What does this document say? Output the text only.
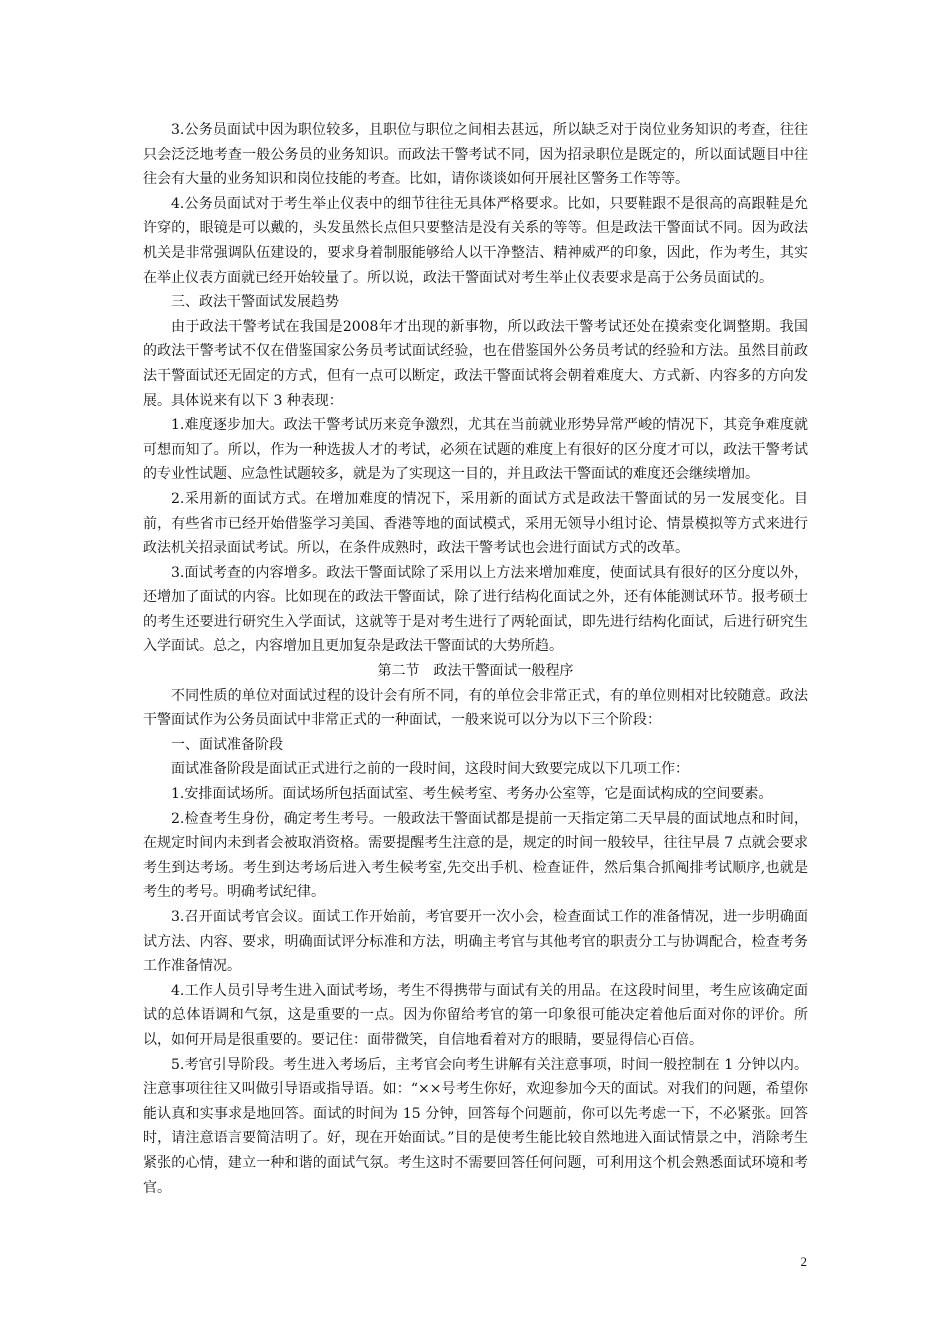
3.公务员面试中因为职位较多，且职位与职位之间相去甚远，所以缺乏对于岗位业务知识的考查，往往只会泛泛地考查一般公务员的业务知识。而政法干警考试不同，因为招录职位是既定的，所以面试题目中往往会有大量的业务知识和岗位技能的考查。比如，请你谈谈如何开展社区警务工作等等。

4.公务员面试对于考生举止仪表中的细节往往无具体严格要求。比如，只要鞋跟不是很高的高跟鞋是允许穿的，眼镜是可以戴的，头发虽然长点但只要整洁是没有关系的等等。但是政法干警面试不同。因为政法机关是非常强调队伍建设的，要求身着制服能够给人以干净整洁、精神威严的印象，因此，作为考生，其实在举止仪表方面就已经开始较量了。所以说，政法干警面试对考生举止仪表要求是高于公务员面试的。

三、政法干警面试发展趋势

由于政法干警考试在我国是2008年才出现的新事物，所以政法干警考试还处在摸索变化调整期。我国的政法干警考试不仅在借鉴国家公务员考试面试经验，也在借鉴国外公务员考试的经验和方法。虽然目前政法干警面试还无固定的方式，但有一点可以断定，政法干警面试将会朝着难度大、方式新、内容多的方向发展。具体说来有以下 3 种表现：

1.难度逐步加大。政法干警考试历来竞争激烈，尤其在当前就业形势异常严峻的情况下，其竞争难度就可想而知了。所以，作为一种选拔人才的考试，必须在试题的难度上有很好的区分度才可以，政法干警考试的专业性试题、应急性试题较多，就是为了实现这一目的，并且政法干警面试的难度还会继续增加。

2.采用新的面试方式。在增加难度的情况下，采用新的面试方式是政法干警面试的另一发展变化。目前，有些省市已经开始借鉴学习美国、香港等地的面试模式，采用无领导小组讨论、情景模拟等方式来进行政法机关招录面试考试。所以，在条件成熟时，政法干警考试也会进行面试方式的改革。

3.面试考查的内容增多。政法干警面试除了采用以上方法来增加难度，使面试具有很好的区分度以外，还增加了面试的内容。比如现在的政法干警面试，除了进行结构化面试之外，还有体能测试环节。报考硕士的考生还要进行研究生入学面试，这就等于是对考生进行了两轮面试，即先进行结构化面试，后进行研究生入学面试。总之，内容增加且更加复杂是政法干警面试的大势所趋。

第二节　政法干警面试一般程序

不同性质的单位对面试过程的设计会有所不同，有的单位会非常正式，有的单位则相对比较随意。政法干警面试作为公务员面试中非常正式的一种面试，一般来说可以分为以下三个阶段：

一、面试准备阶段

面试准备阶段是面试正式进行之前的一段时间，这段时间大致要完成以下几项工作：

1.安排面试场所。面试场所包括面试室、考生候考室、考务办公室等，它是面试构成的空间要素。

2.检查考生身份，确定考生考号。一般政法干警面试都是提前一天指定第二天早晨的面试地点和时间，在规定时间内未到者会被取消资格。需要提醒考生注意的是，规定的时间一般较早，往往早晨 7 点就会要求考生到达考场。考生到达考场后进入考生候考室,先交出手机、检查证件，然后集合抓阄排考试顺序,也就是考生的考号。明确考试纪律。

3.召开面试考官会议。面试工作开始前，考官要开一次小会，检查面试工作的准备情况，进一步明确面试方法、内容、要求，明确面试评分标准和方法，明确主考官与其他考官的职责分工与协调配合，检查考务工作准备情况。

4.工作人员引导考生进入面试考场，考生不得携带与面试有关的用品。在这段时间里，考生应该确定面试的总体语调和气氛，这是重要的一点。因为你留给考官的第一印象很可能决定着他后面对你的评价。所以，如何开局是很重要的。要记住：面带微笑，自信地看着对方的眼睛，要显得信心百倍。

5.考官引导阶段。考生进入考场后，主考官会向考生讲解有关注意事项，时间一般控制在 1 分钟以内。注意事项往往又叫做引导语或指导语。如：“××号考生你好，欢迎参加今天的面试。对我们的问题，希望你能认真和实事求是地回答。面试的时间为 15 分钟，回答每个问题前，你可以先考虑一下，不必紧张。回答时，请注意语言要简洁明了。好，现在开始面试。”目的是使考生能比较自然地进入面试情景之中，消除考生紧张的心情，建立一种和谐的面试气氛。考生这时不需要回答任何问题，可利用这个机会熟悉面试环境和考官。

2
